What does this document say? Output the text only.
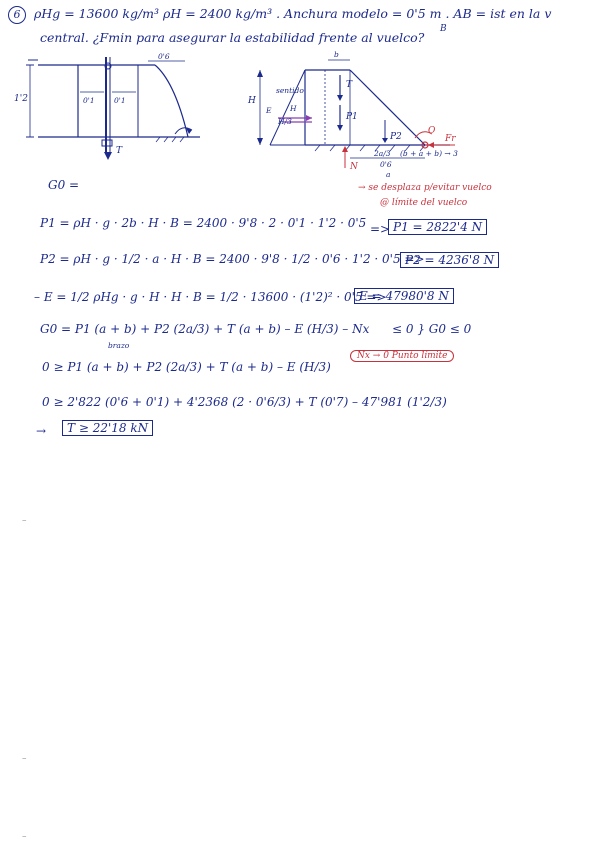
6 ρHg = 13600 kg/m³ ρH = 2400 kg/m³ . Anchura modelo = 0'5 m . AB = ist en la v
B
central. ¿Fmin para asegurar la estabilidad frente al vuelco?
1'2	0'1	0'1
0'6
T
b
H
E
sentido
H/3
H
T
P1
P2
O
Fr
2a/3 (b + a + b) → 3
0'6
a
N
→ se desplaza p/evitar vuelco
@ límite del vuelco
G0 =
P1 = ρH · g · 2b · H · B = 2400 · 9'8 · 2 · 0'1 · 1'2 · 0'5 => P1 = 2822'4 N
P2 = ρH · g · 1/2 · a · H · B = 2400 · 9'8 · 1/2 · 0'6 · 1'2 · 0'5 =>
P2 = 4236'8 N
– E = 1/2 ρHg · g · H · H · B = 1/2 · 13600 · (1'2)² · 0'5 =>
E = 47980'8 N
G0 = P1 (a + b) + P2 (2a/3) + T (a + b) – E (H/3) – Nx ≤ 0 } G0 ≤ 0
brazo
Nx → 0 Punto límite
0 ≥ P1 (a + b) + P2 (2a/3) + T (a + b) – E (H/3)
0 ≥ 2'822 (0'6 + 0'1) + 4'2368 (2 · 0'6/3) + T (0'7) – 47'981 (1'2/3)
→	T ≥ 22'18 kN
–
–
–
